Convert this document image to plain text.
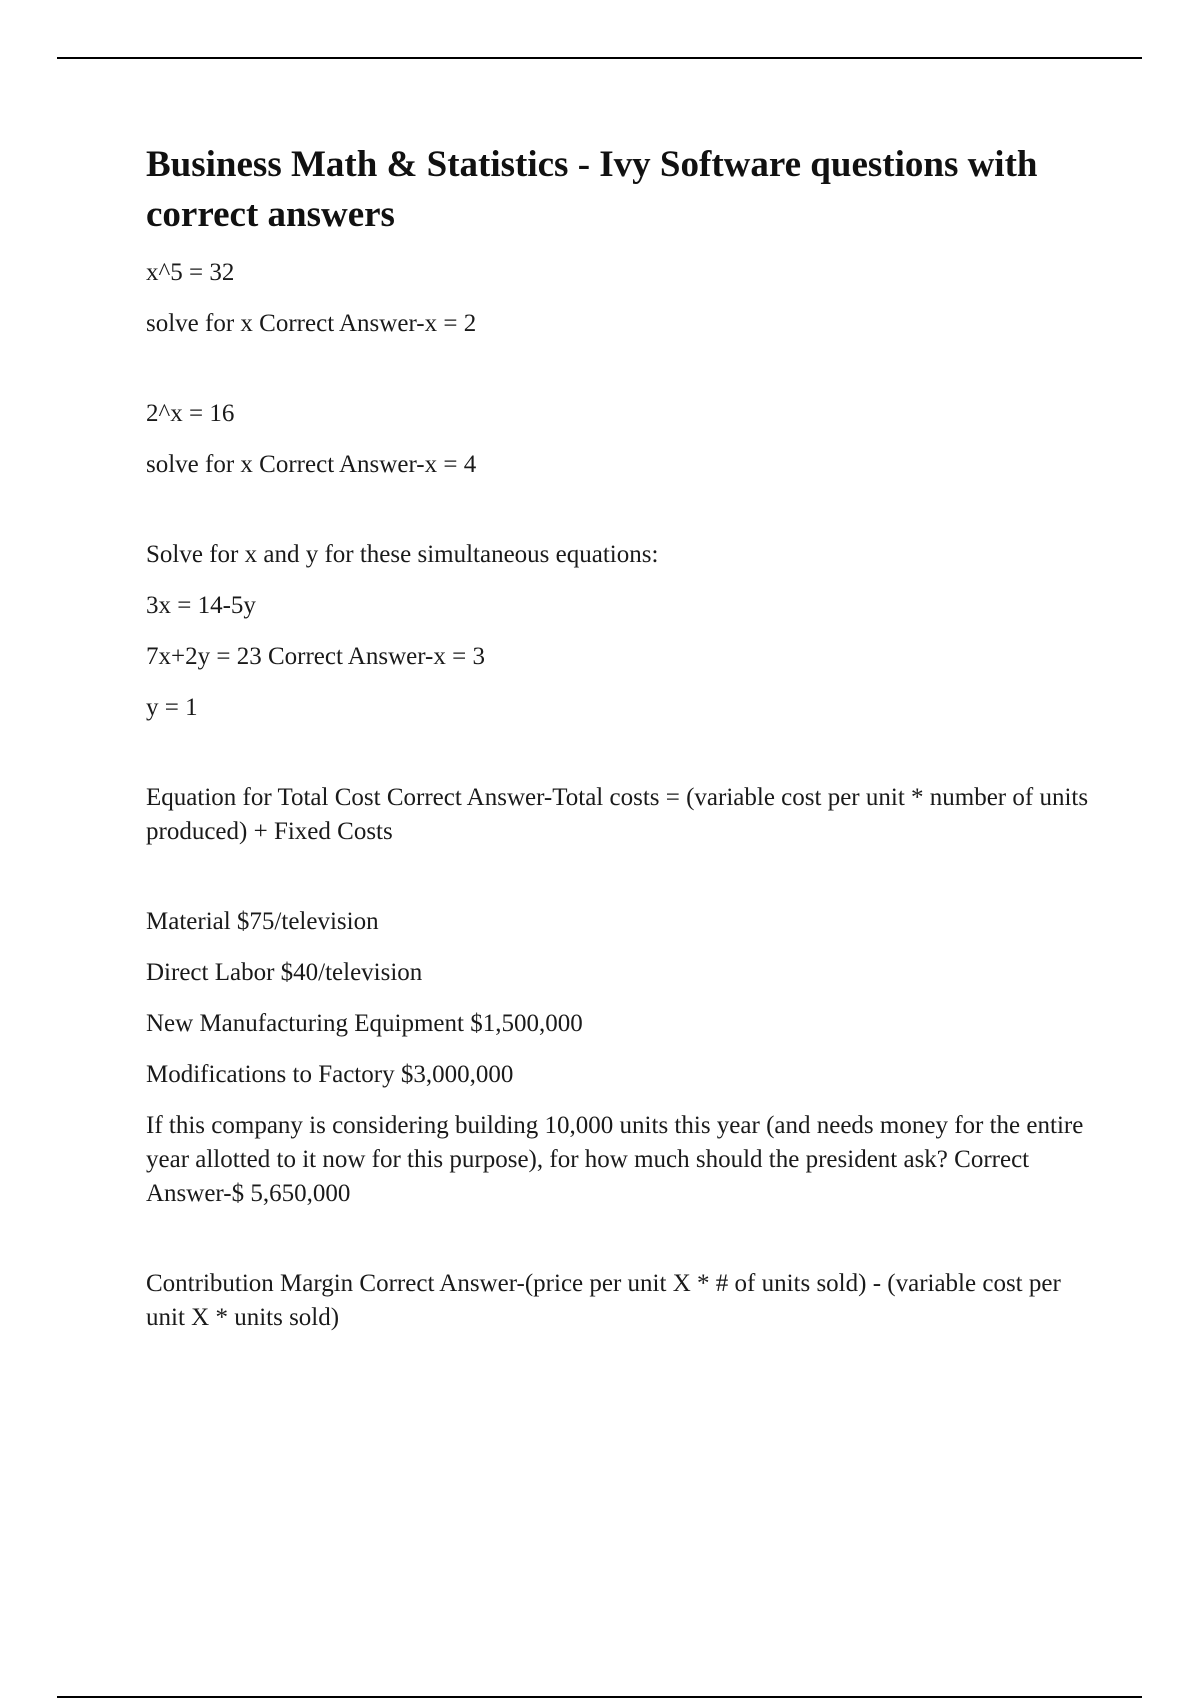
Business Math & Statistics - Ivy Software questions with correct answers

x^5 = 32

solve for x Correct Answer-x = 2

2^x = 16

solve for x Correct Answer-x = 4

Solve for x and y for these simultaneous equations:

3x = 14-5y

7x+2y = 23 Correct Answer-x = 3

y = 1

Equation for Total Cost Correct Answer-Total costs = (variable cost per unit * number of units produced) + Fixed Costs

Material $75/television

Direct Labor $40/television

New Manufacturing Equipment $1,500,000

Modifications to Factory $3,000,000

If this company is considering building 10,000 units this year (and needs money for the entire year allotted to it now for this purpose), for how much should the president ask? Correct Answer-$ 5,650,000

Contribution Margin Correct Answer-(price per unit X * # of units sold) - (variable cost per unit X * units sold)
